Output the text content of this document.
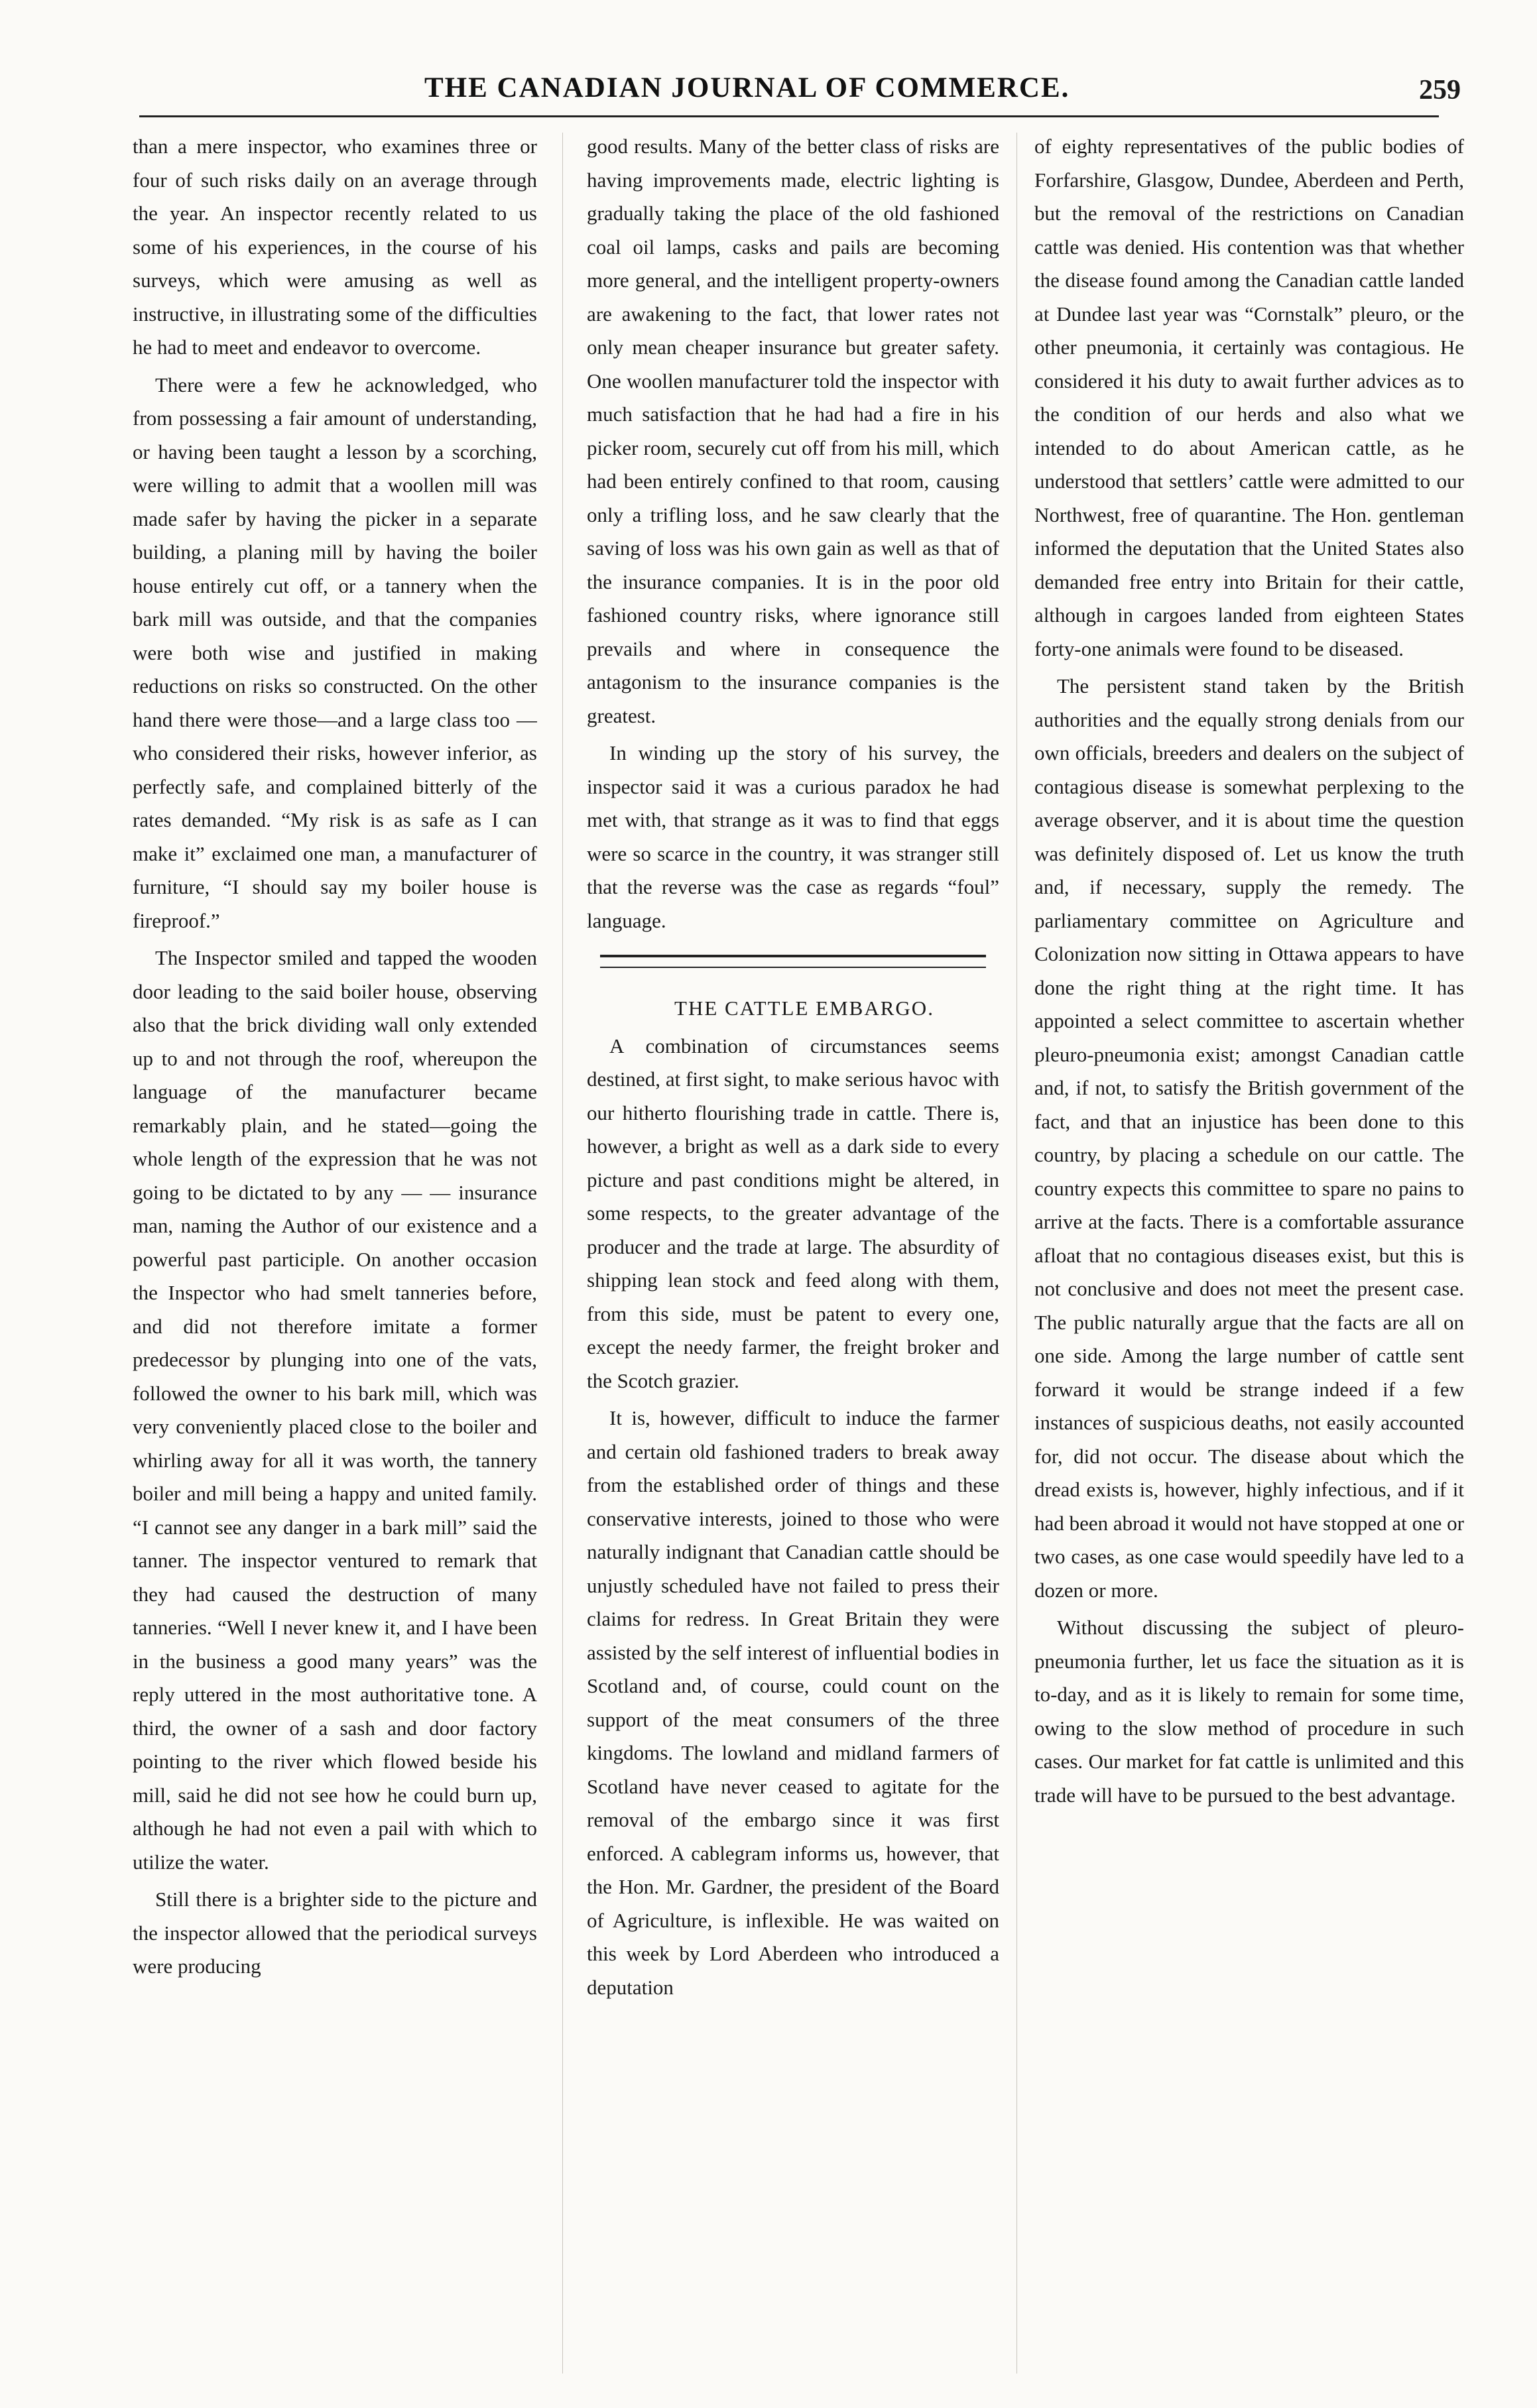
THE CANADIAN JOURNAL OF COMMERCE.	259

than a mere inspector, who examines three or four of such risks daily on an average through the year. An inspector recently related to us some of his experiences, in the course of his surveys, which were amusing as well as instructive, in illustrating some of the difficulties he had to meet and endeavor to overcome.

There were a few he acknowledged, who from possessing a fair amount of understanding, or having been taught a lesson by a scorching, were willing to admit that a woollen mill was made safer by having the picker in a separate building, a planing mill by having the boiler house entirely cut off, or a tannery when the bark mill was outside, and that the companies were both wise and justified in making reductions on risks so constructed. On the other hand there were those—and a large class too —who considered their risks, however inferior, as perfectly safe, and complained bitterly of the rates demanded. “My risk is as safe as I can make it” exclaimed one man, a manufacturer of furniture, “I should say my boiler house is fireproof.”

The Inspector smiled and tapped the wooden door leading to the said boiler house, observing also that the brick dividing wall only extended up to and not through the roof, whereupon the language of the manufacturer became remarkably plain, and he stated—going the whole length of the expression that he was not going to be dictated to by any — — insurance man, naming the Author of our existence and a powerful past participle. On another occasion the Inspector who had smelt tanneries before, and did not therefore imitate a former predecessor by plunging into one of the vats, followed the owner to his bark mill, which was very conveniently placed close to the boiler and whirling away for all it was worth, the tannery boiler and mill being a happy and united family. “I cannot see any danger in a bark mill” said the tanner. The inspector ventured to remark that they had caused the destruction of many tanneries. “Well I never knew it, and I have been in the business a good many years” was the reply uttered in the most authoritative tone. A third, the owner of a sash and door factory pointing to the river which flowed beside his mill, said he did not see how he could burn up, although he had not even a pail with which to utilize the water.

Still there is a brighter side to the picture and the inspector allowed that the periodical surveys were producing

good results. Many of the better class of risks are having improvements made, electric lighting is gradually taking the place of the old fashioned coal oil lamps, casks and pails are becoming more general, and the intelligent property-owners are awakening to the fact, that lower rates not only mean cheaper insurance but greater safety. One woollen manufacturer told the inspector with much satisfaction that he had had a fire in his picker room, securely cut off from his mill, which had been entirely confined to that room, causing only a trifling loss, and he saw clearly that the saving of loss was his own gain as well as that of the insurance companies. It is in the poor old fashioned country risks, where ignorance still prevails and where in consequence the antagonism to the insurance companies is the greatest.

In winding up the story of his survey, the inspector said it was a curious paradox he had met with, that strange as it was to find that eggs were so scarce in the country, it was stranger still that the reverse was the case as regards “foul” language.

THE CATTLE EMBARGO.

A combination of circumstances seems destined, at first sight, to make serious havoc with our hitherto flourishing trade in cattle. There is, however, a bright as well as a dark side to every picture and past conditions might be altered, in some respects, to the greater advantage of the producer and the trade at large. The absurdity of shipping lean stock and feed along with them, from this side, must be patent to every one, except the needy farmer, the freight broker and the Scotch grazier.

It is, however, difficult to induce the farmer and certain old fashioned traders to break away from the established order of things and these conservative interests, joined to those who were naturally indignant that Canadian cattle should be unjustly scheduled have not failed to press their claims for redress. In Great Britain they were assisted by the self interest of influential bodies in Scotland and, of course, could count on the support of the meat consumers of the three kingdoms. The lowland and midland farmers of Scotland have never ceased to agitate for the removal of the embargo since it was first enforced. A cablegram informs us, however, that the Hon. Mr. Gardner, the president of the Board of Agriculture, is inflexible. He was waited on this week by Lord Aberdeen who introduced a deputation

of eighty representatives of the public bodies of Forfarshire, Glasgow, Dundee, Aberdeen and Perth, but the removal of the restrictions on Canadian cattle was denied. His contention was that whether the disease found among the Canadian cattle landed at Dundee last year was “Cornstalk” pleuro, or the other pneumonia, it certainly was contagious. He considered it his duty to await further advices as to the condition of our herds and also what we intended to do about American cattle, as he understood that settlers’ cattle were admitted to our Northwest, free of quarantine. The Hon. gentleman informed the deputation that the United States also demanded free entry into Britain for their cattle, although in cargoes landed from eighteen States forty-one animals were found to be diseased.

The persistent stand taken by the British authorities and the equally strong denials from our own officials, breeders and dealers on the subject of contagious disease is somewhat perplexing to the average observer, and it is about time the question was definitely disposed of. Let us know the truth and, if necessary, supply the remedy. The parliamentary committee on Agriculture and Colonization now sitting in Ottawa appears to have done the right thing at the right time. It has appointed a select committee to ascertain whether pleuro-pneumonia exist; amongst Canadian cattle and, if not, to satisfy the British government of the fact, and that an injustice has been done to this country, by placing a schedule on our cattle. The country expects this committee to spare no pains to arrive at the facts. There is a comfortable assurance afloat that no contagious diseases exist, but this is not conclusive and does not meet the present case. The public naturally argue that the facts are all on one side. Among the large number of cattle sent forward it would be strange indeed if a few instances of suspicious deaths, not easily accounted for, did not occur. The disease about which the dread exists is, however, highly infectious, and if it had been abroad it would not have stopped at one or two cases, as one case would speedily have led to a dozen or more.

Without discussing the subject of pleuro-pneumonia further, let us face the situation as it is to-day, and as it is likely to remain for some time, owing to the slow method of procedure in such cases. Our market for fat cattle is unlimited and this trade will have to be pursued to the best advantage.
